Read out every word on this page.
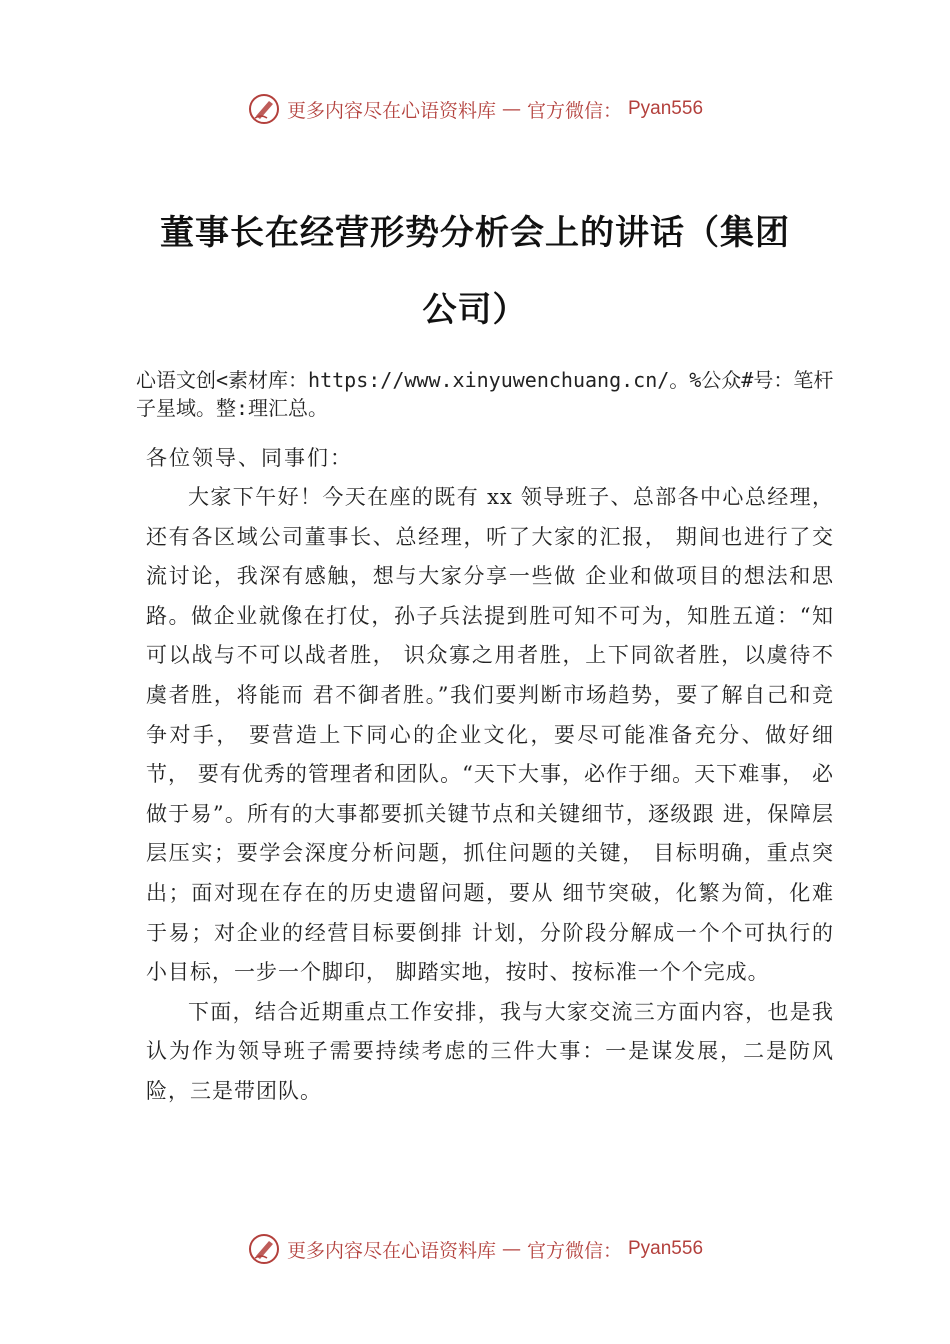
更多内容尽在心语资料库 — 官方微信： Pyan556
董事长在经营形势分析会上的讲话（集团
公司）
心语文创<素材库：https://www.xinyuwenchuang.cn/。%公众#号：笔杆子星域。整:理汇总。
各位领导、同事们：

大家下午好！今天在座的既有 xx 领导班子、总部各中心总经理，还有各区域公司董事长、总经理，听了大家的汇报， 期间也进行了交流讨论，我深有感触，想与大家分享一些做 企业和做项目的想法和思路。做企业就像在打仗，孙子兵法提到胜可知不可为，知胜五道：“知可以战与不可以战者胜， 识众寡之用者胜，上下同欲者胜，以虞待不虞者胜，将能而 君不御者胜。”我们要判断市场趋势，要了解自己和竞争对手， 要营造上下同心的企业文化，要尽可能准备充分、做好细节， 要有优秀的管理者和团队。“天下大事，必作于细。天下难事， 必做于易”。所有的大事都要抓关键节点和关键细节，逐级跟 进，保障层层压实；要学会深度分析问题，抓住问题的关键， 目标明确，重点突出；面对现在存在的历史遗留问题，要从 细节突破，化繁为简，化难于易；对企业的经营目标要倒排 计划，分阶段分解成一个个可执行的小目标，一步一个脚印， 脚踏实地，按时、按标准一个个完成。

下面，结合近期重点工作安排，我与大家交流三方面内容，也是我认为作为领导班子需要持续考虑的三件大事：一是谋发展，二是防风险，三是带团队。

更多内容尽在心语资料库 — 官方微信： Pyan556
